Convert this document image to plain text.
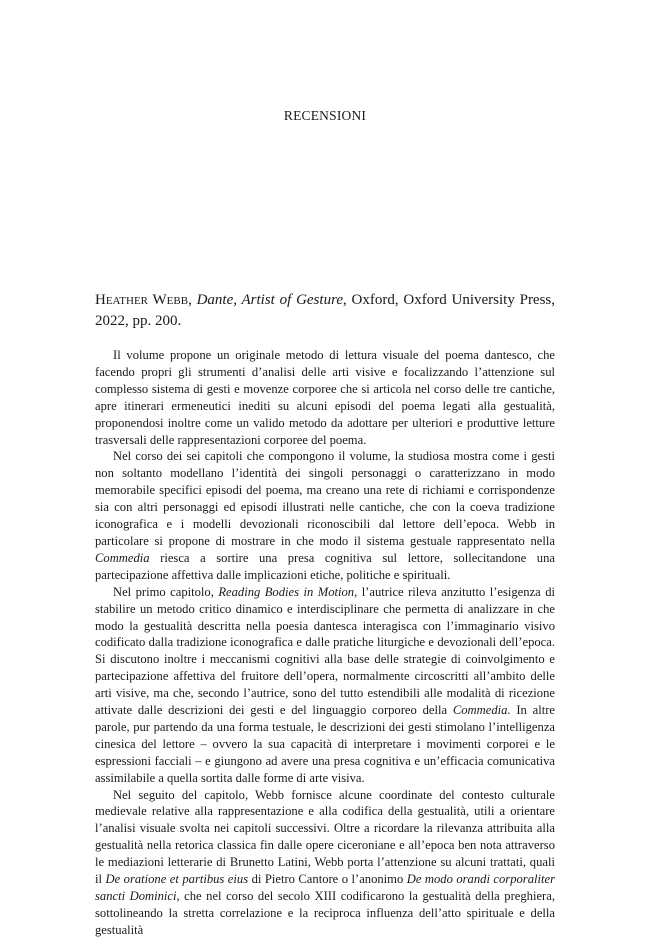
RECENSIONI

Heather Webb, Dante, Artist of Gesture, Oxford, Oxford University Press, 2022, pp. 200.

Il volume propone un originale metodo di lettura visuale del poema dantesco, che facendo propri gli strumenti d’analisi delle arti visive e focalizzando l’attenzione sul complesso sistema di gesti e movenze corporee che si articola nel corso delle tre cantiche, apre itinerari ermeneutici inediti su alcuni episodi del poema legati alla gestualità, proponendosi inoltre come un valido metodo da adottare per ulteriori e produttive letture trasversali delle rappresentazioni corporee del poema.

Nel corso dei sei capitoli che compongono il volume, la studiosa mostra come i gesti non soltanto modellano l’identità dei singoli personaggi o caratterizzano in modo memorabile specifici episodi del poema, ma creano una rete di richiami e corrispondenze sia con altri personaggi ed episodi illustrati nelle cantiche, che con la coeva tradizione iconografica e i modelli devozionali riconoscibili dal lettore dell’epoca. Webb in particolare si propone di mostrare in che modo il sistema gestuale rappresentato nella Commedia riesca a sortire una presa cognitiva sul lettore, sollecitandone una partecipazione affettiva dalle implicazioni etiche, politiche e spirituali.

Nel primo capitolo, Reading Bodies in Motion, l’autrice rileva anzitutto l’esigenza di stabilire un metodo critico dinamico e interdisciplinare che permetta di analizzare in che modo la gestualità descritta nella poesia dantesca interagisca con l’immaginario visivo codificato dalla tradizione iconografica e dalle pratiche liturgiche e devozionali dell’epoca. Si discutono inoltre i meccanismi cognitivi alla base delle strategie di coinvolgimento e partecipazione affettiva del fruitore dell’opera, normalmente circoscritti all’ambito delle arti visive, ma che, secondo l’autrice, sono del tutto estendibili alle modalità di ricezione attivate dalle descrizioni dei gesti e del linguaggio corporeo della Commedia. In altre parole, pur partendo da una forma testuale, le descrizioni dei gesti stimolano l’intelligenza cinesica del lettore – ovvero la sua capacità di interpretare i movimenti corporei e le espressioni facciali – e giungono ad avere una presa cognitiva e un’efficacia comunicativa assimilabile a quella sortita dalle forme di arte visiva.

Nel seguito del capitolo, Webb fornisce alcune coordinate del contesto culturale medievale relative alla rappresentazione e alla codifica della gestualità, utili a orientare l’analisi visuale svolta nei capitoli successivi. Oltre a ricordare la rilevanza attribuita alla gestualità nella retorica classica fin dalle opere ciceroniane e all’epoca ben nota attraverso le mediazioni letterarie di Brunetto Latini, Webb porta l’attenzione su alcuni trattati, quali il De oratione et partibus eius di Pietro Cantore o l’anonimo De modo orandi corporaliter sancti Dominici, che nel corso del secolo XIII codificarono la gestualità della preghiera, sottolineando la stretta correlazione e la reciproca influenza dell’atto spirituale e della gestualità
